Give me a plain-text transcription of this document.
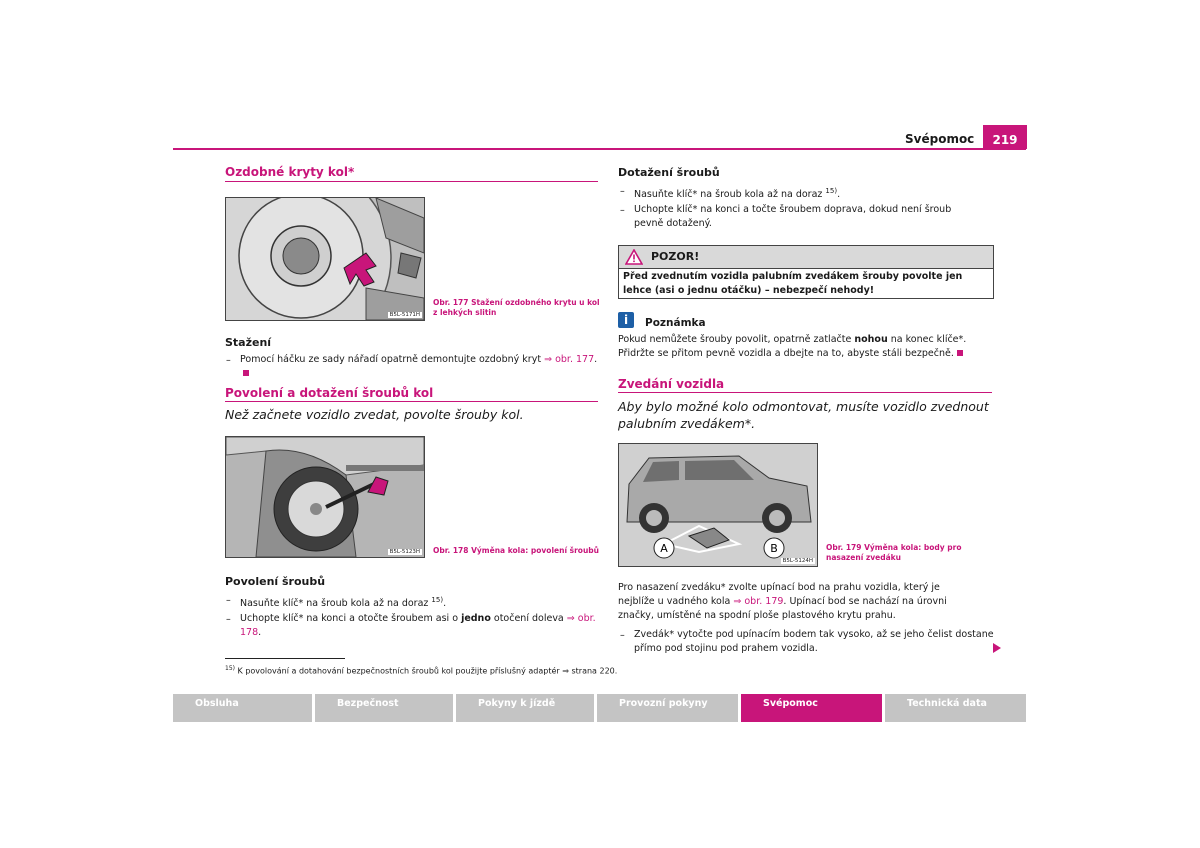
Svépomoc	219
Ozdobné kryty kol*
B5L-5171H
Obr. 177 Stažení ozdobného krytu u kol z lehkých slitin
Stažení
– Pomocí háčku ze sady nářadí opatrně demontujte ozdobný kryt ⇒ obr. 177.
Povolení a dotažení šroubů kol
Než začnete vozidlo zvedat, povolte šrouby kol.
B5L-5123H Obr. 178 Výměna kola: povolení šroubů
Povolení šroubů
– Nasuňte klíč* na šroub kola až na doraz $^{15)}$.
– Uchopte klíč* na konci a otočte šroubem asi o jedno otočení doleva ⇒ obr. 178.
$^{15)}$ K povolování a dotahování bezpečnostních šroubů kol použijte příslušný adaptér ⇒ strana 220.
Dotažení šroubů
– Nasuňte klíč* na šroub kola až na doraz $^{15)}$.
– Uchopte klíč* na konci a točte šroubem doprava, dokud není šroub pevně dotažený.
POZOR!
Před zvednutím vozidla palubním zvedákem šrouby povolte jen lehce (asi o jednu otáčku) – nebezpečí nehody!
i	Poznámka
Pokud nemůžete šrouby povolit, opatrně zatlačte nohou na konec klíče*. Přidržte se přitom pevně vozidla a dbejte na to, abyste stáli bezpečně.
Zvedání vozidla
Aby bylo možné kolo odmontovat, musíte vozidlo zvednout palubním zvedákem*.
A	B
B5L-5124H
Obr. 179 Výměna kola: body pro nasazení zvedáku
Pro nasazení zvedáku* zvolte upínací bod na prahu vozidla, který je nejblíže u vadného kola ⇒ obr. 179. Upínací bod se nachází na úrovni značky, umístěné na spodní ploše plastového krytu prahu.
– Zvedák* vytočte pod upínacím bodem tak vysoko, až se jeho čelist dostane přímo pod stojinu pod prahem vozidla.
Obsluha	Bezpečnost	Pokyny k jízdě	Provozní pokyny	Svépomoc	Technická data
